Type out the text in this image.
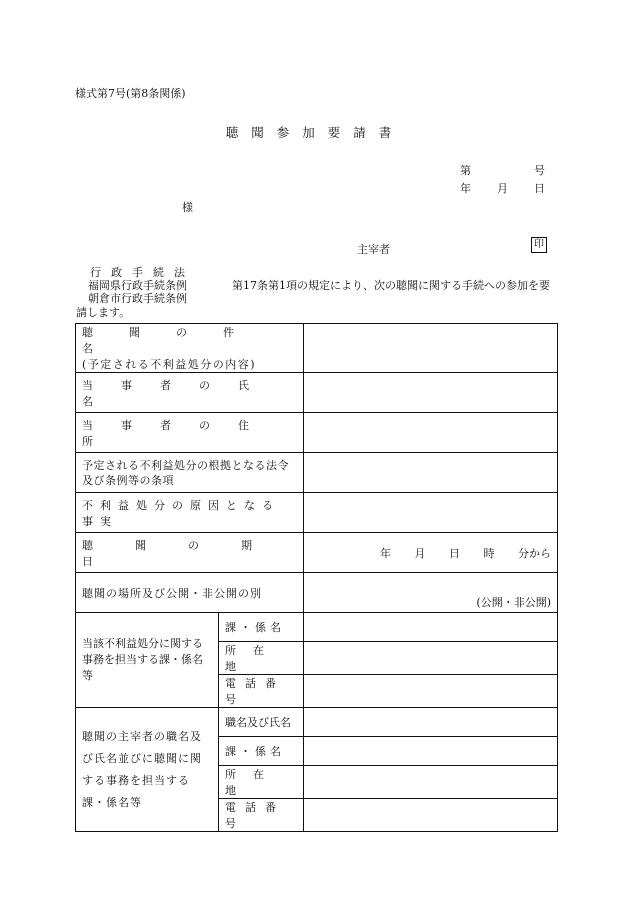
様式第7号(第8条関係)
聴聞参加要請書
第	号
年 月 日
様
主宰者	印
行政手続法
福岡県行政手続条例
朝倉市行政手続条例
第17条第1項の規定により、次の聴聞に関する手続への参加を要
請します。
聴聞の件名
(予定される不利益処分の内容)		

当事者の氏名		
当事者の住所		
予定される不利益処分の根拠となる法令及び条例等の条項		
不利益処分の原因となる事実		
聴聞の期日		年 月 日 時 分から

聴聞の場所及び公開・非公開の別		(公開・非公開)
当該不利益処分に関する事務を担当する課・係名等	課・係名	
	所在地	
	電話番号	
聴聞の主宰者の職名及び氏名並びに聴聞に関する事務を担当する課・係名等	職名及び氏名	
	課・係名	
	所在地	
	電話番号	
